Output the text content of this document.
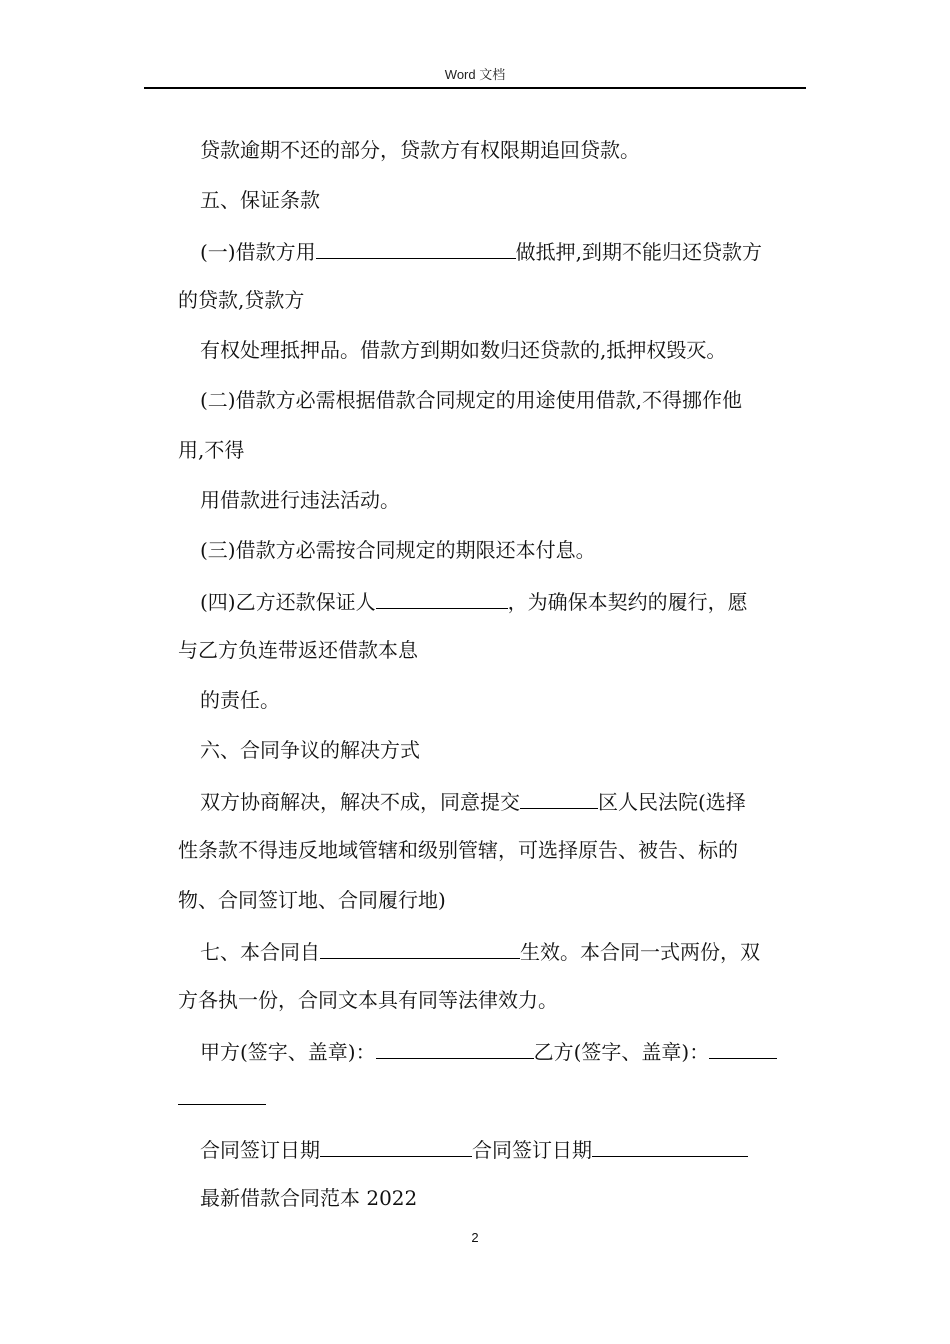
Word 文档
贷款逾期不还的部分，贷款方有权限期追回贷款。
五、保证条款
(一)借款方用	做抵押,到期不能归还贷款方
的贷款,贷款方
有权处理抵押品。借款方到期如数归还贷款的,抵押权毁灭。
(二)借款方必需根据借款合同规定的用途使用借款,不得挪作他
用,不得
用借款进行违法活动。
(三)借款方必需按合同规定的期限还本付息。
(四)乙方还款保证人	，为确保本契约的履行，愿
与乙方负连带返还借款本息
的责任。
六、合同争议的解决方式
双方协商解决，解决不成，同意提交	区人民法院(选择
性条款不得违反地域管辖和级别管辖，可选择原告、被告、标的
物、合同签订地、合同履行地)
七、本合同自	生效。本合同一式两份，双
方各执一份，合同文本具有同等法律效力。
甲方(签字、盖章)：	乙方(签字、盖章)：
合同签订日期	合同签订日期
最新借款合同范本 2022
2
